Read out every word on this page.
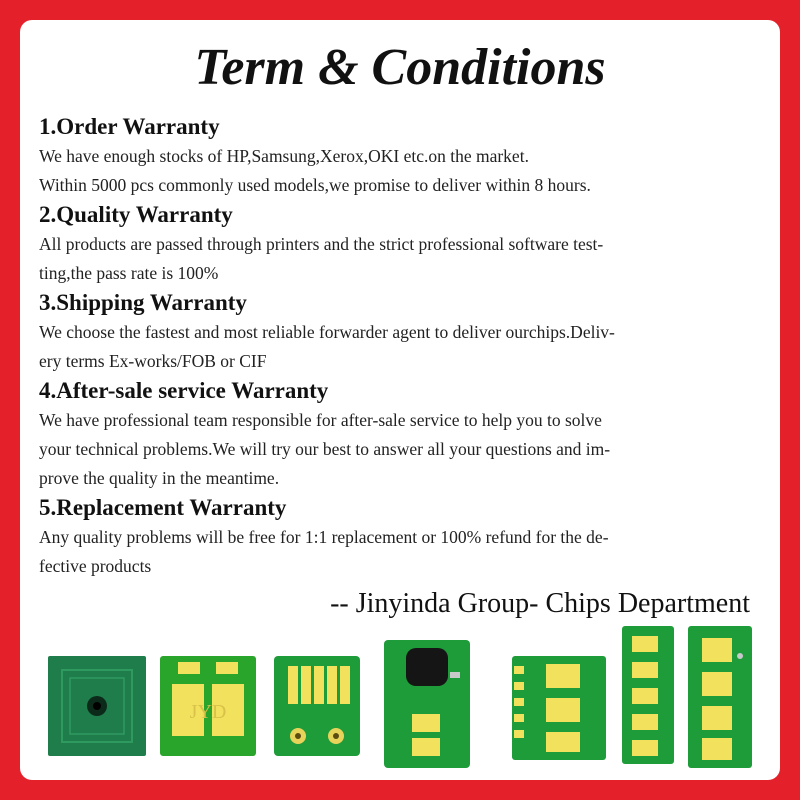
Term & Conditions
1.Order Warranty
We have enough stocks of HP,Samsung,Xerox,OKI etc.on the market.
Within 5000 pcs commonly used models,we promise to deliver within 8 hours.
2.Quality Warranty
All products are passed through printers and the strict professional software test-
ting,the pass rate is 100%
3.Shipping Warranty
We choose the fastest and most reliable forwarder agent to deliver ourchips.Deliv-
ery terms Ex-works/FOB or CIF
4.After-sale service Warranty
We have professional team responsible for after-sale service to help you to solve
your technical problems.We will try our best to answer all your questions and im-
prove the quality in the meantime.
5.Replacement Warranty
Any quality problems will be free for 1:1 replacement or 100% refund for the de-
fective products
-- Jinyinda Group- Chips Department
JYD
